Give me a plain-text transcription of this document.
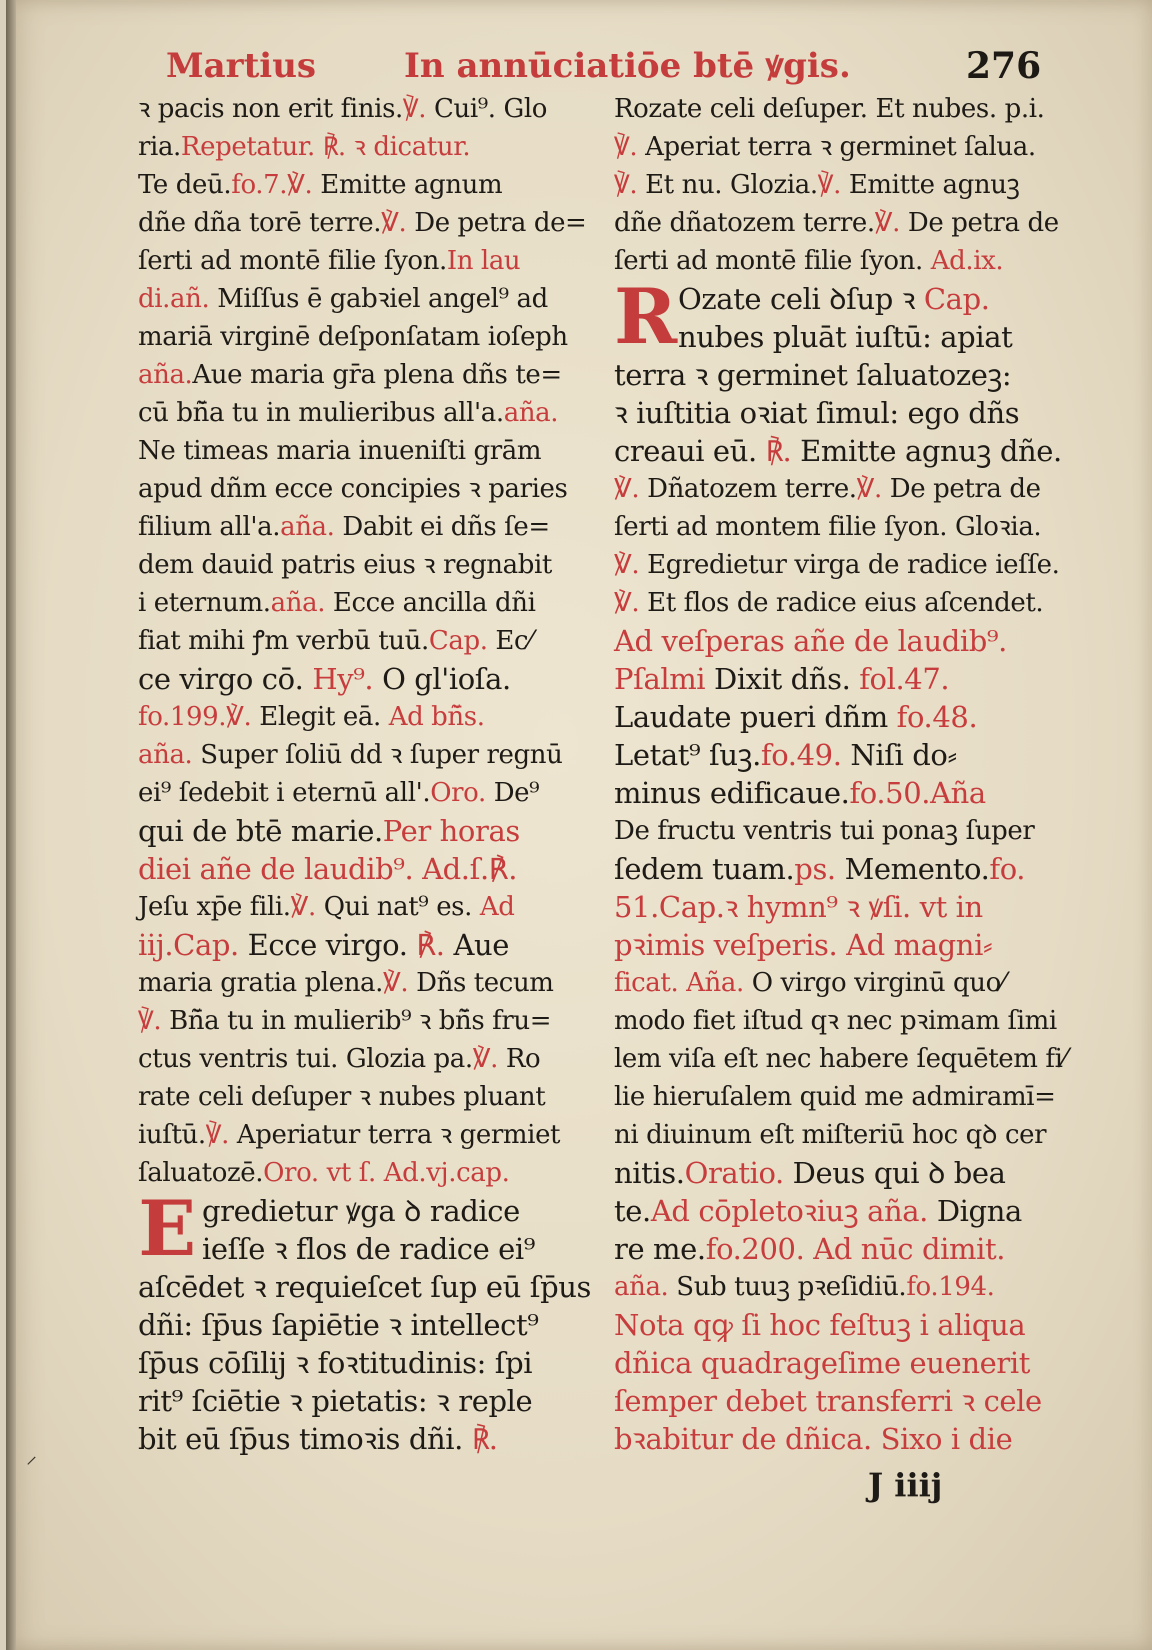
Martius	In annūciatiōe btē ꝟgis.	276
ꝛ pacis non erit finis.℣. Cui⁹. Glo
ria.Repetatur. ℟. ꝛ dicatur.
Te deū.fo.7.℣. Emitte agnum
dñe dña torē terre.℣. De petra de=
ſerti ad montē filie ſyon.In lau
di.añ. Miſſus ē gabꝛiel angel⁹ ad
mariā virginē deſponſatam ioſeph
aña.Aue maria gr̄a plena dñs te=
cū bñ̄a tu in mulieribus all'a.aña.
Ne timeas maria inueniſti grām
apud dñm ecce concipies ꝛ paries
filium all'a.aña. Dabit ei dñs ſe=
dem dauid patris eius ꝛ regnabit
i eternum.aña. Ecce ancilla dñi
fiat mihi ꝭm verbū tuū.Cap. Ec⁄
ce virgo cō. Hy⁹. O gl'ioſa.
fo.199.℣. Elegit eā. Ad bñ̄s.
aña. Super ſoliū dd ꝛ ſuper regnū
ei⁹ ſedebit i eternū all'.Oro. De⁹
qui de btē marie.Per horas
diei añe de laudib⁹. Ad.ſ.℟.
Jeſu xp̄e fili.℣. Qui nat⁹ es. Ad
iij.Cap. Ecce virgo. ℟. Aue
maria gratia plena.℣. Dñs tecum
℣. Bñ̄a tu in mulierib⁹ ꝛ bñ̄s fru=
ctus ventris tui. Glozia pa.℣. Ro
rate celi deſuper ꝛ nubes pluant
iuſtū.℣. Aperiatur terra ꝛ germiet
ſaluatozē.Oro. vt ſ. Ad.vj.cap.
Egredietur ꝟga ꝺ radice
ieſſe ꝛ flos de radice ei⁹
aſcēdet ꝛ requieſcet ſup eū ſp̄us
dñi: ſp̄us ſapiētie ꝛ intellect⁹
ſp̄us cōſilij ꝛ foꝛtitudinis: ſpi
rit⁹ ſciētie ꝛ pietatis: ꝛ reple
bit eū ſp̄us timoꝛis dñi. ℟.
Rozate celi deſuper. Et nubes. p.i.
℣. Aperiat terra ꝛ germinet ſalua.
℣. Et nu. Glozia.℣. Emitte agnuꝫ
dñe dñatozem terre.℣. De petra de
ſerti ad montē filie ſyon. Ad.ix.
R Ozate celi ꝺſup ꝛ Cap.
nubes pluāt iuſtū: apiat
terra ꝛ germinet ſaluatozeꝫ:
ꝛ iuſtitia oꝛiat ſimul: ego dñs
creaui eū. ℟. Emitte agnuꝫ dñe.
℣. Dñatozem terre.℣. De petra de
ſerti ad montem filie ſyon. Gloꝛia.
℣. Egredietur virga de radice ieſſe.
℣. Et flos de radice eius aſcendet.
Ad veſperas añe de laudib⁹.
Pſalmi Dixit dñs. fol.47.
Laudate pueri dñm fo.48.
Letat⁹ ſuꝫ.fo.49. Niſi do⸗
minus edificaue.fo.50.Aña
De fructu ventris tui ponaꝫ ſuper
ſedem tuam.ps. Memento.fo.
51.Cap.ꝛ hymn⁹ ꝛ ꝟſi. vt in
pꝛimis veſperis. Ad magni⸗
ficat. Aña. O virgo virginū quo⁄
modo fiet iſtud qꝛ nec pꝛimam ſimi
lem viſa eſt nec habere ſequētem fi⁄
lie hieruſalem quid me admiramī=
ni diuinum eſt miſteriū hoc qꝺ cer
nitis.Oratio. Deus qui ꝺ bea
te.Ad cōpletoꝛiuꝫ aña. Digna
re me.fo.200. Ad nūc dimit.
aña. Sub tuuꝫ pꝛeſidiū.fo.194.
Nota qꝙ ſi hoc feſtuꝫ i aliqua
dñica quadrageſime euenerit
ſemper debet transferri ꝛ cele
bꝛabitur de dñica. Sixo i die
J iiij
⸝
